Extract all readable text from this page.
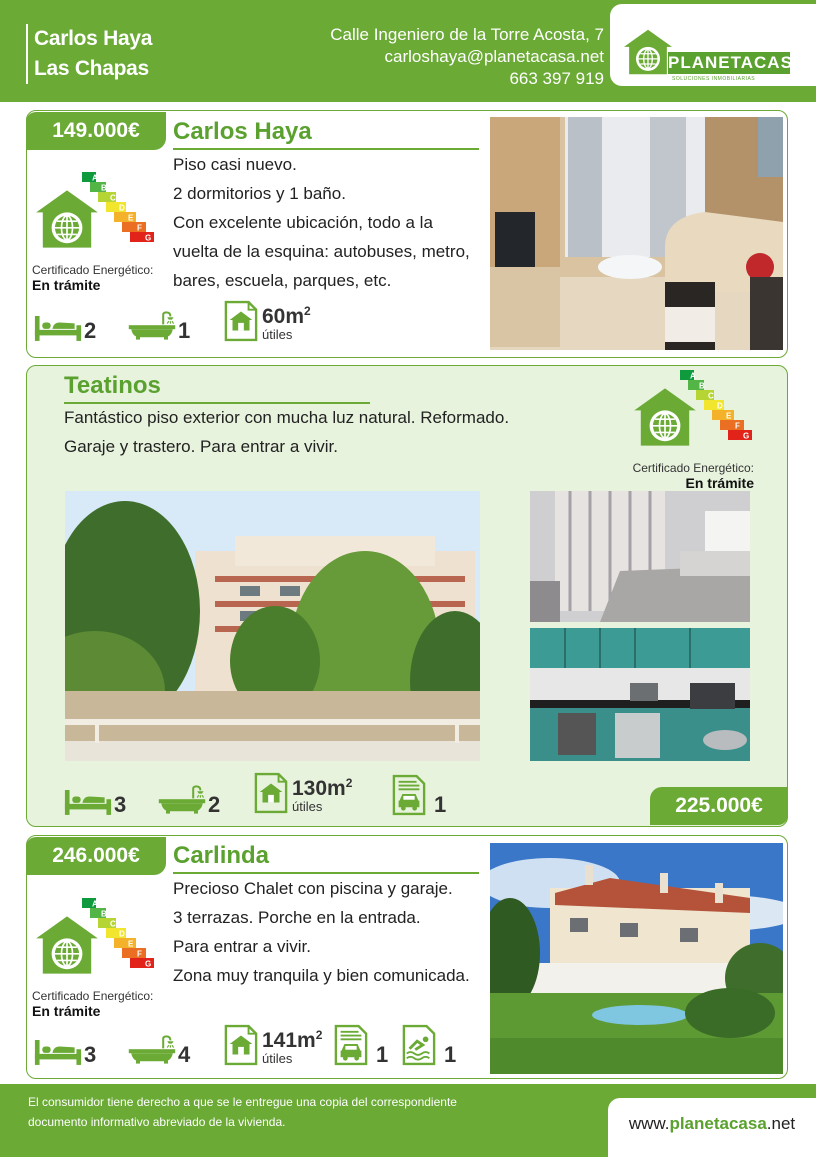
Carlos Haya
Las Chapas
Calle Ingeniero de la Torre Acosta, 7
carloshaya@planetacasa.net
663 397 919
PLANETACASA
SOLUCIONES INMOBILIARIAS
149.000€	Carlos Haya
Piso casi nuevo.
2 dormitorios y 1 baño.
Con excelente ubicación, todo a la
vuelta de la esquina: autobuses, metro,
bares, escuela, parques, etc.
A
B
C
D
E
F
G
Certificado Energético:
En trámite
2	1
$60m^2$
útiles
Teatinos
Fantástico piso exterior con mucha luz natural. Reformado.
Garaje y trastero. Para entrar a vivir.
A
B
C
D
E
F
G
Certificado Energético:
En trámite
3	2
$130m^2$
útiles	1	225.000€
246.000€	Carlinda
Precioso Chalet con piscina y garaje.
3 terrazas. Porche en la entrada.
Para entrar a vivir.
Zona muy tranquila y bien comunicada.
A
B
C
D
E
F
G
Certificado Energético:
En trámite
3	4
$141m^2$
útiles	1	1
El consumidor tiene derecho a que se le entregue una copia del correspondiente
documento informativo abreviado de la vivienda.	www.planetacasa.net
